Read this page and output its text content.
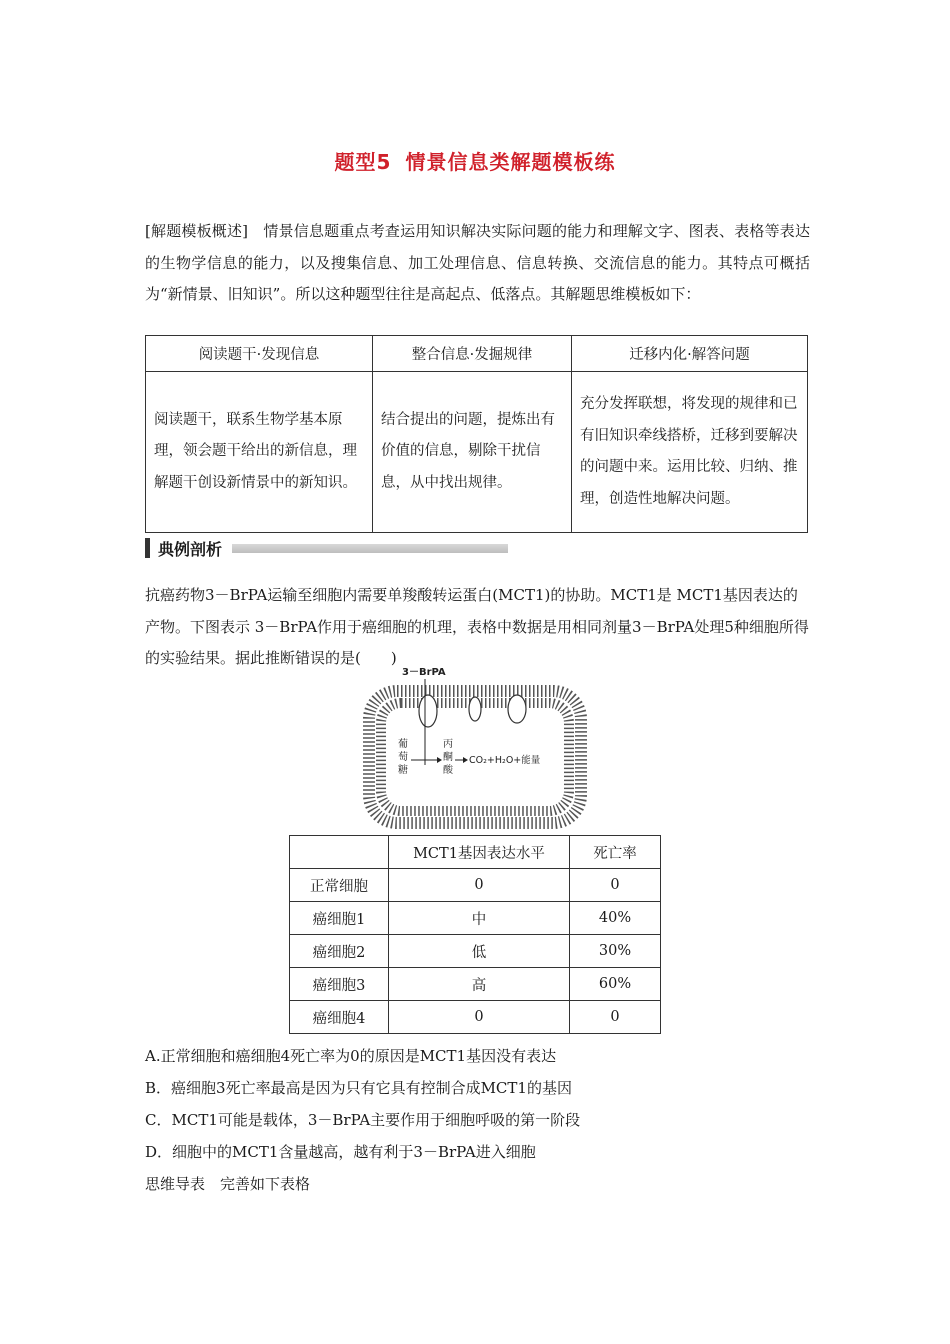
题型5 情景信息类解题模板练
[解题模板概述]　情景信息题重点考查运用知识解决实际问题的能力和理解文字、图表、表格等表达的生物学信息的能力，以及搜集信息、加工处理信息、信息转换、交流信息的能力。其特点可概括为“新情景、旧知识”。所以这种题型往往是高起点、低落点。其解题思维模板如下：
阅读题干·发现信息	整合信息·发掘规律	迁移内化·解答问题
阅读题干，联系生物学基本原理，领会题干给出的新信息，理解题干创设新情景中的新知识。	结合提出的问题，提炼出有价值的信息，剔除干扰信息，从中找出规律。	充分发挥联想，将发现的规律和已有旧知识牵线搭桥，迁移到要解决的问题中来。运用比较、归纳、推理，创造性地解决问题。
典例剖析
抗癌药物3－BrPA运输至细胞内需要单羧酸转运蛋白(MCT1)的协助。MCT1是 MCT1基因表达的产物。下图表示 3－BrPA作用于癌细胞的机理，表格中数据是用相同剂量3－BrPA处理5种细胞所得的实验结果。据此推断错误的是(　　)
3－BrPA
葡
萄
糖
丙
酮
酸
CO₂+H₂O+能量
	MCT1基因表达水平	死亡率
正常细胞	0	0
癌细胞1	中	40%
癌细胞2	低	30%
癌细胞3	高	60%
癌细胞4	0	0
A.正常细胞和癌细胞4死亡率为0的原因是MCT1基因没有表达
B．癌细胞3死亡率最高是因为只有它具有控制合成MCT1的基因
C．MCT1可能是载体，3－BrPA主要作用于细胞呼吸的第一阶段
D．细胞中的MCT1含量越高，越有利于3－BrPA进入细胞
思维导表　完善如下表格
